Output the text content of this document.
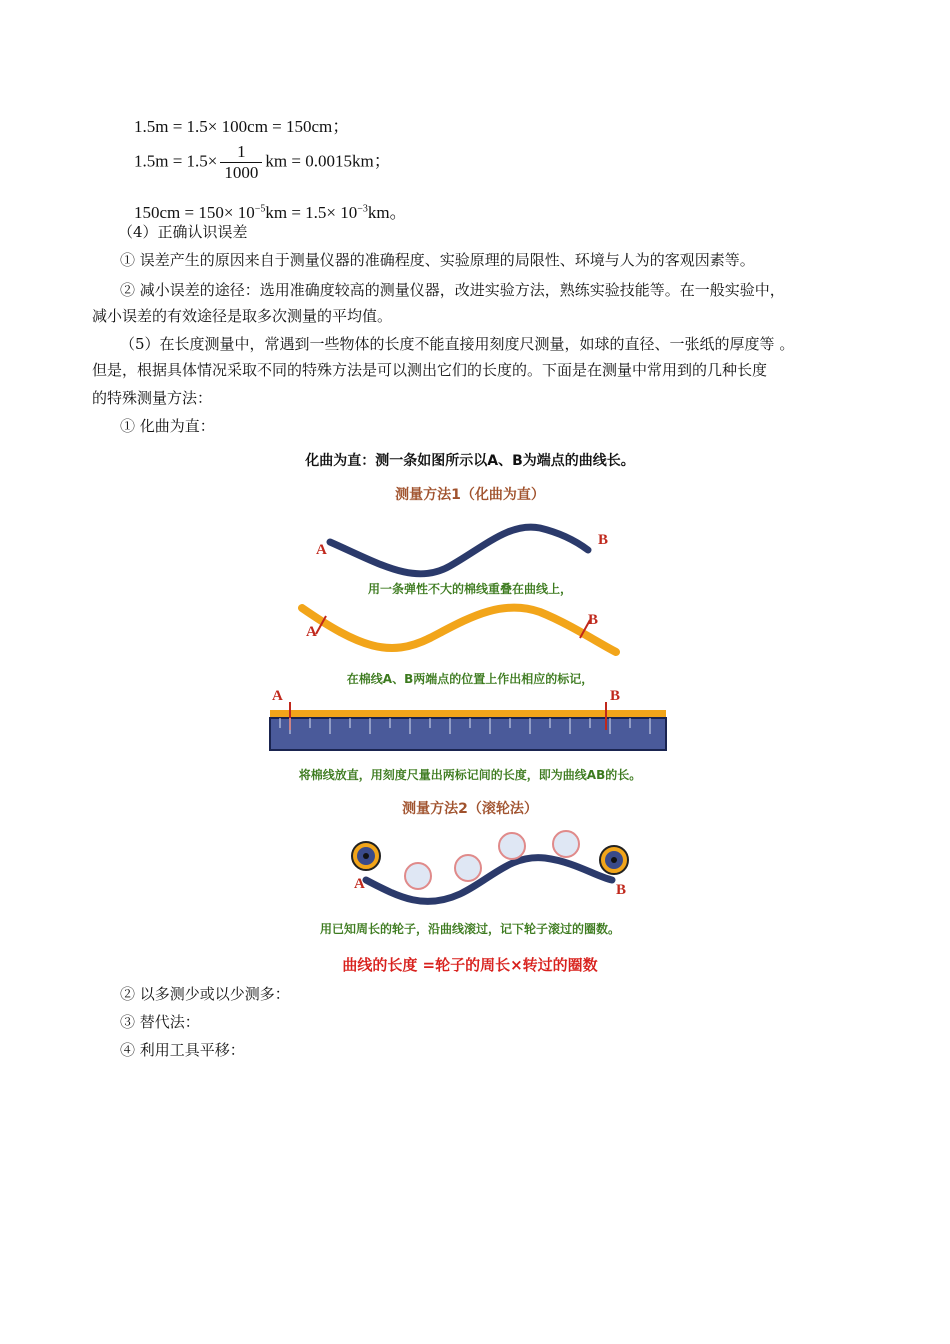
1.5m = 1.5× 100cm = 150cm；
$1.5m = 1.5\times \frac{1}{1000}$ km = 0.0015km；
$150cm = 150\times 10^{-5}km = 1.5\times 10^{-3}km$。
（4）正确认识误差
① 误差产生的原因来自于测量仪器的准确程度、实验原理的局限性、环境与人为的客观因素等。
② 减小误差的途径：选用准确度较高的测量仪器，改进实验方法，熟练实验技能等。在一般实验中，
减小误差的有效途径是取多次测量的平均值。
（5）在长度测量中，常遇到一些物体的长度不能直接用刻度尺测量，如球的直径、一张纸的厚度等 。
但是，根据具体情况采取不同的特殊方法是可以测出它们的长度的。下面是在测量中常用到的几种长度
的特殊测量方法：
① 化曲为直：
化曲为直：测一条如图所示以A、B为端点的曲线长。
测量方法1（化曲为直）
A
B
用一条弹性不大的棉线重叠在曲线上，
A
B
在棉线A、B两端点的位置上作出相应的标记，
A	B
将棉线放直，用刻度尺量出两标记间的长度，即为曲线AB的长。
测量方法2（滚轮法）
A	B
用已知周长的轮子，沿曲线滚过，记下轮子滚过的圈数。
曲线的长度 =轮子的周长×转过的圈数
② 以多测少或以少测多：
③ 替代法：
④ 利用工具平移：
